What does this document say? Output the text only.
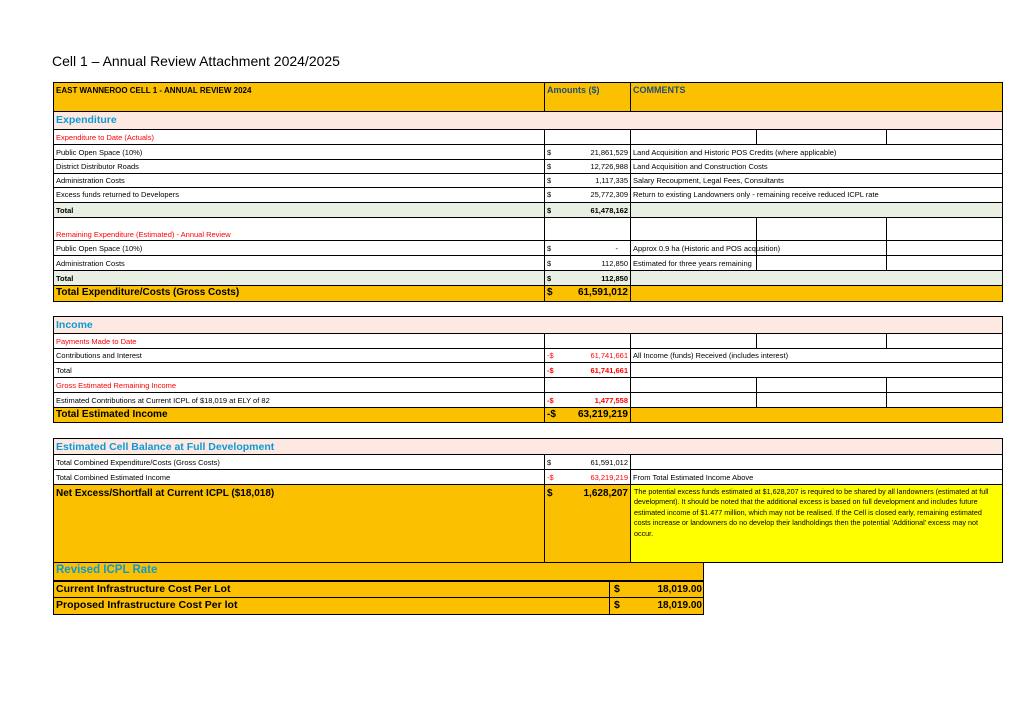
Cell 1 – Annual Review Attachment 2024/2025
EAST WANNEROO CELL 1 - ANNUAL REVIEW 2024	Amounts ($)	COMMENTS
Expenditure
Expenditure to Date (Actuals)
Public Open Space (10%)	$	21,861,529 Land Acquisition and Historic POS Credits (where applicable)
District Distributor Roads	$	12,726,988 Land Acquisition and Construction Costs
Administration Costs	$	1,117,335 Salary Recoupment, Legal Fees, Consultants
Excess funds returned to Developers	$	25,772,309 Return to existing Landowners only - remaining receive reduced ICPL rate
Total	$	61,478,162
Remaining Expenditure (Estimated) - Annual Review
Public Open Space (10%)	$	-	Approx 0.9 ha (Historic and POS acqusition)
Administration Costs	$	112,850 Estimated for three years remaining
Total	$	112,850
Total Expenditure/Costs (Gross Costs)	$	61,591,012
Income
Payments Made to Date
Contributions and Interest	-$	61,741,661 All Income (funds) Received (includes interest)
Total	-$	61,741,661
Gross Estimated Remaining Income
Estimated Contributions at Current ICPL of $18,019 at ELY of 82	-$	1,477,558
Total Estimated Income	-$ 63,219,219
Estimated Cell Balance at Full Development
Total Combined Expenditure/Costs (Gross Costs)	$	61,591,012
Total Combined Estimated Income	-$	63,219,219 From Total Estimated Income Above
Net Excess/Shortfall at Current ICPL ($18,018)	$	1,628,207 The potential excess funds estimated at $1,628,207 is required to be shared by all landowners (estimated at full development). It should be noted that the additional excess is based on full development and includes future estimated income of $1.477 million, which may not be realised. If the Cell is closed early, remaining estimated costs increase or landowners do no develop their landholdings then the potential 'Additional' excess may not occur.
Revised ICPL Rate
Current Infrastructure Cost Per Lot	$	18,019.00
Proposed Infrastructure Cost Per lot	$	18,019.00
